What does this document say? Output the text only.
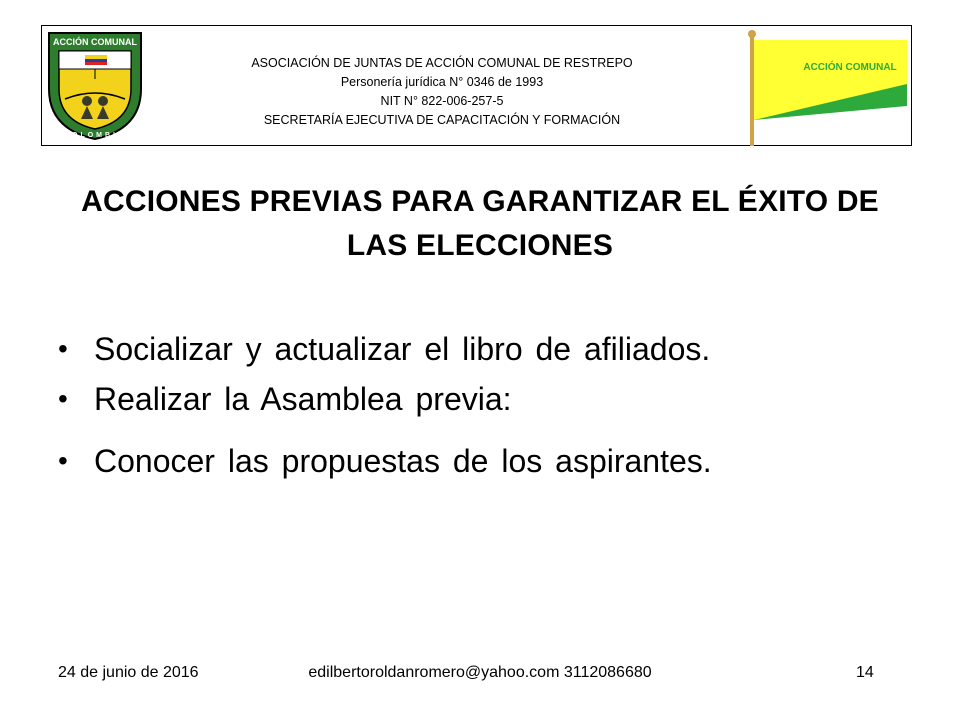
ACCIÓN COMUNAL
COLOMBIA
ASOCIACIÓN DE JUNTAS DE ACCIÓN COMUNAL DE RESTREPO
Personería jurídica N° 0346 de 1993
NIT N° 822-006-257-5
SECRETARÍA EJECUTIVA DE CAPACITACIÓN Y FORMACIÓN
ACCIÓN COMUNAL
ACCIONES PREVIAS PARA GARANTIZAR EL ÉXITO DE LAS ELECCIONES
• Socializar y actualizar el libro de afiliados.
• Realizar la Asamblea previa:
• Conocer las propuestas de los aspirantes.
24 de junio de 2016	edilbertoroldanromero@yahoo.com 3112086680	14
